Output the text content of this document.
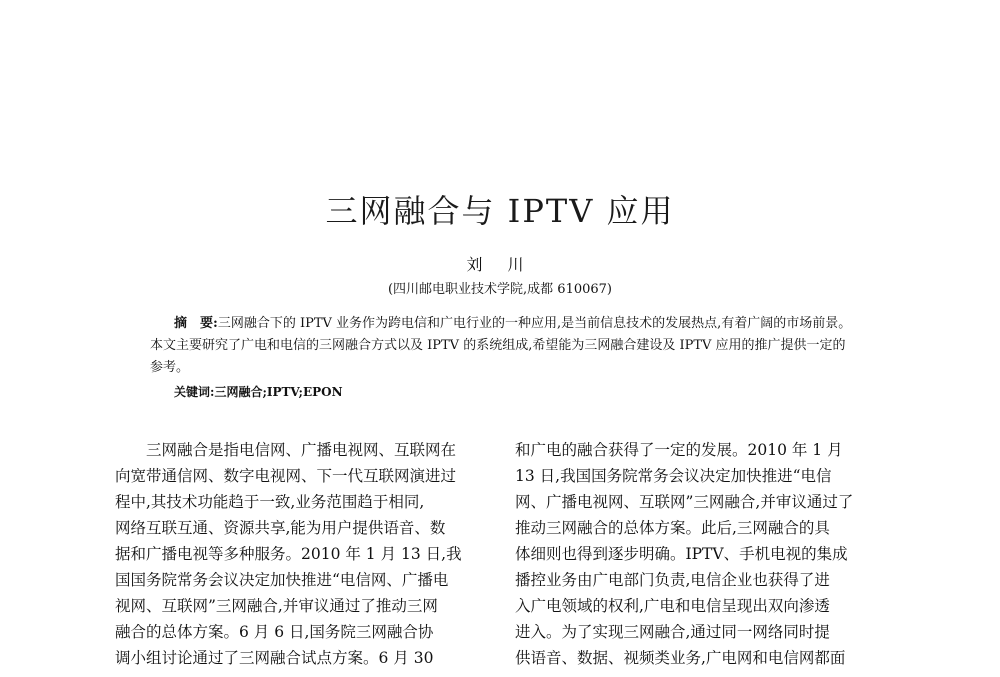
三网融合与 IPTV 应用
刘 川
(四川邮电职业技术学院,成都 610067)

摘　要:三网融合下的 IPTV 业务作为跨电信和广电行业的一种应用,是当前信息技术的发展热点,有着广阔的市场前景。本文主要研究了广电和电信的三网融合方式以及 IPTV 的系统组成,希望能为三网融合建设及 IPTV 应用的推广提供一定的参考。

关键词:三网融合;IPTV;EPON
三网融合是指电信网、广播电视网、互联网在
向宽带通信网、数字电视网、下一代互联网演进过
程中,其技术功能趋于一致,业务范围趋于相同,
网络互联互通、资源共享,能为用户提供语音、数
据和广播电视等多种服务。2010 年 1 月 13 日,我
国国务院常务会议决定加快推进“电信网、广播电
视网、互联网”三网融合,并审议通过了推动三网
融合的总体方案。6 月 6 日,国务院三网融合协
调小组讨论通过了三网融合试点方案。6 月 30
和广电的融合获得了一定的发展。2010 年 1 月
13 日,我国国务院常务会议决定加快推进“电信
网、广播电视网、互联网”三网融合,并审议通过了
推动三网融合的总体方案。此后,三网融合的具
体细则也得到逐步明确。IPTV、手机电视的集成
播控业务由广电部门负责,电信企业也获得了进
入广电领域的权利,广电和电信呈现出双向渗透
进入。为了实现三网融合,通过同一网络同时提
供语音、数据、视频类业务,广电网和电信网都面
